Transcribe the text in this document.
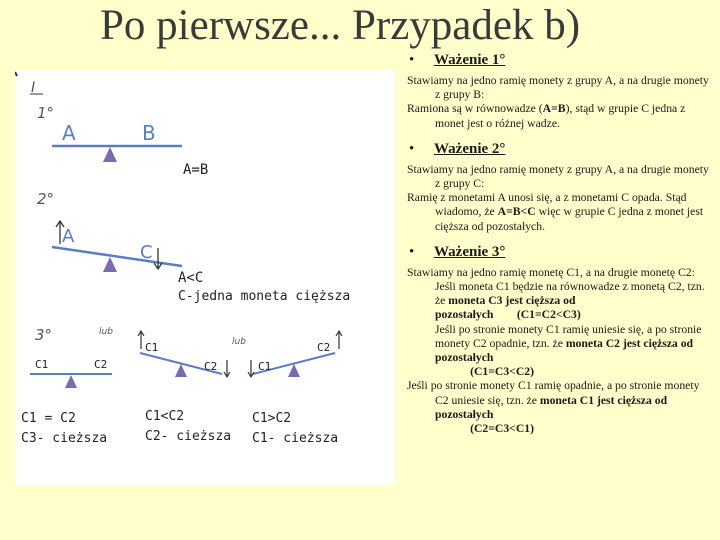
Po pierwsze... Przypadek b)
I
1°
A	B
A=B
2°
A
C
A<C
C-jedna moneta cięższa
3°	lub
lub
C1	C2
C1
C2	C1
C2
C1 = C2
C3- cieższa
C1<C2
C2- cieższa
C1>C2
C1- cieższa
•	Ważenie 1°
Stawiamy na jedno ramię monety z grupy A, a na drugie monety z grupy B:
Ramiona są w równowadze (A=B), stąd w grupie C jedna z monet jest o różnej wadze.
•	Ważenie 2°
Stawiamy na jedno ramię monety z grupy A, a na drugie monety z grupy C:
Ramię z monetami A unosi się, a z monetami C opada. Stąd wiadomo, że A=B<C więc w grupie C jedna z monet jest cięższa od pozostałych.
•	Ważenie 3°
Stawiamy na jedno ramię monetę C1, a na drugie monetę C2:
Jeśli moneta C1 będzie na równowadze z monetą C2, tzn. że moneta C3 jest cięższa od pozostałych (C1=C2<C3)
Jeśli po stronie monety C1 ramię uniesie się, a po stronie monety C2 opadnie, tzn. że moneta C2 jest cięższa od pozostałych
(C1=C3<C2)
Jeśli po stronie monety C1 ramię opadnie, a po stronie monety C2 uniesie się, tzn. że moneta C1 jest cięższa od pozostałych
(C2=C3<C1)
